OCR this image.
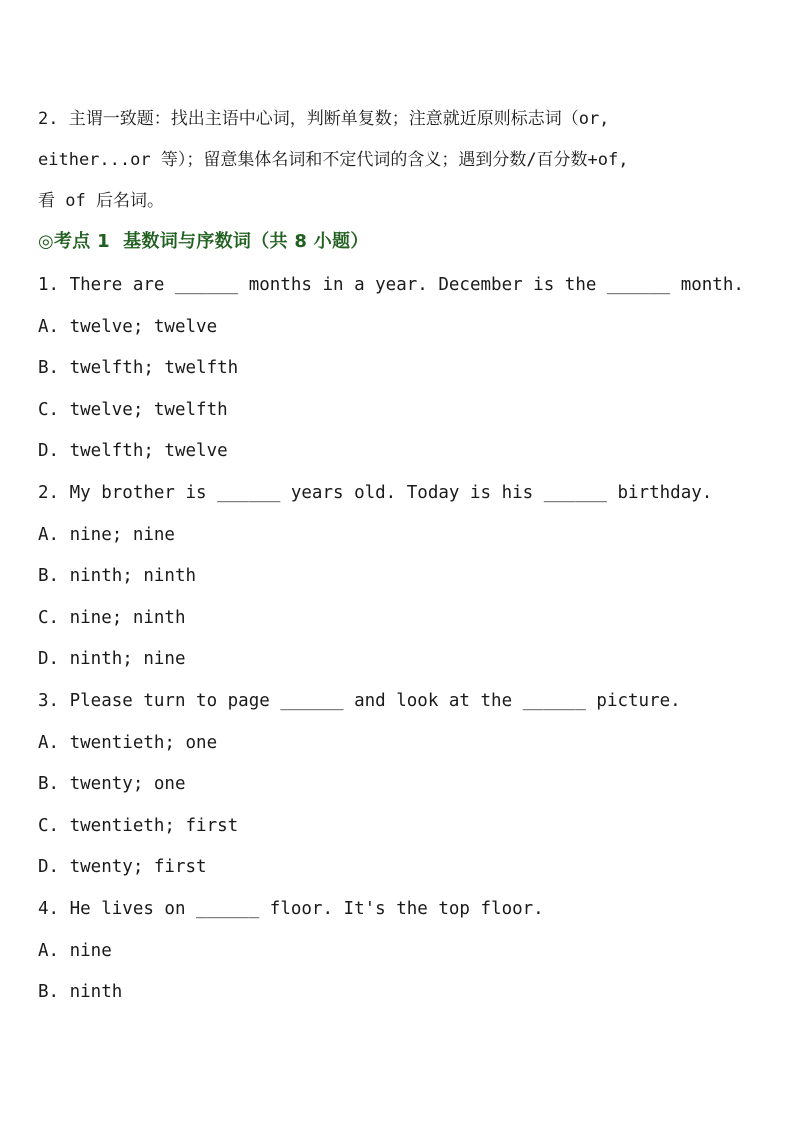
2. 主谓一致题：找出主语中心词，判断单复数；注意就近原则标志词（or,
either...or 等）；留意集体名词和不定代词的含义；遇到分数/百分数+of,
看 of 后名词。
◎考点 1  基数词与序数词（共 8 小题）
1. There are ______ months in a year. December is the ______ month.
A. twelve; twelve
B. twelfth; twelfth
C. twelve; twelfth
D. twelfth; twelve
2. My brother is ______ years old. Today is his ______ birthday.
A. nine; nine
B. ninth; ninth
C. nine; ninth
D. ninth; nine
3. Please turn to page ______ and look at the ______ picture.
A. twentieth; one
B. twenty; one
C. twentieth; first
D. twenty; first
4. He lives on ______ floor. It's the top floor.
A. nine
B. ninth
